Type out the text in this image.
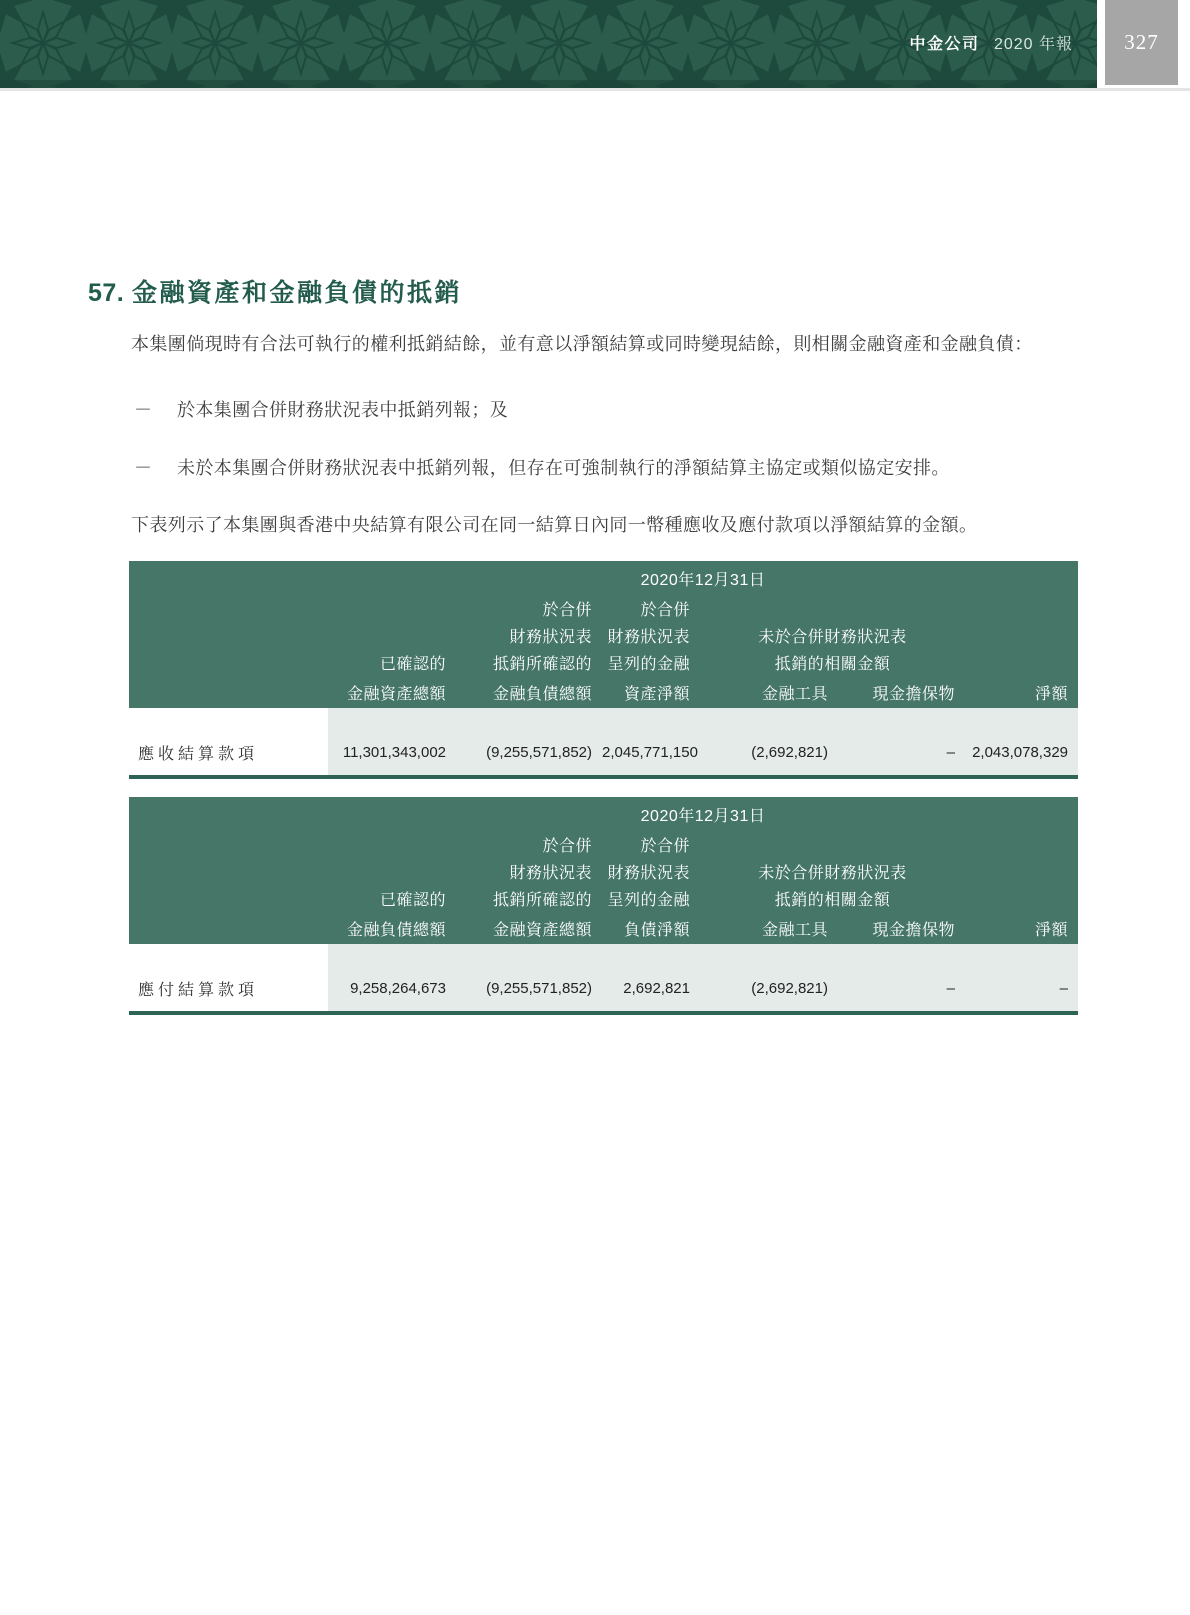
中金公司 2020 年報 327
57. 金融資產和金融負債的抵銷
本集團倘現時有合法可執行的權利抵銷結餘，並有意以淨額結算或同時變現結餘，則相關金融資產和金融負債：
－	於本集團合併財務狀況表中抵銷列報；及
－	未於本集團合併財務狀況表中抵銷列報，但存在可強制執行的淨額結算主協定或類似協定安排。
下表列示了本集團與香港中央結算有限公司在同一結算日內同一幣種應收及應付款項以淨額結算的金額。
	2020年12月31日					
		於合併	於合併			
		財務狀況表	財務狀況表	未於合併財務狀況表		
	已確認的	抵銷所確認的	呈列的金融	抵銷的相關金額		
	金融資產總額	金融負債總額	資產淨額	金融工具	現金擔保物	淨額

應收結算款項	11,301,343,002	(9,255,571,852)	2,045,771,150	(2,692,821)	–	2,043,078,329
	2020年12月31日					
		於合併	於合併			
		財務狀況表	財務狀況表	未於合併財務狀況表		
	已確認的	抵銷所確認的	呈列的金融	抵銷的相關金額		
	金融負債總額	金融資產總額	負債淨額	金融工具	現金擔保物	淨額

應付結算款項	9,258,264,673	(9,255,571,852)	2,692,821	(2,692,821)	–	–
